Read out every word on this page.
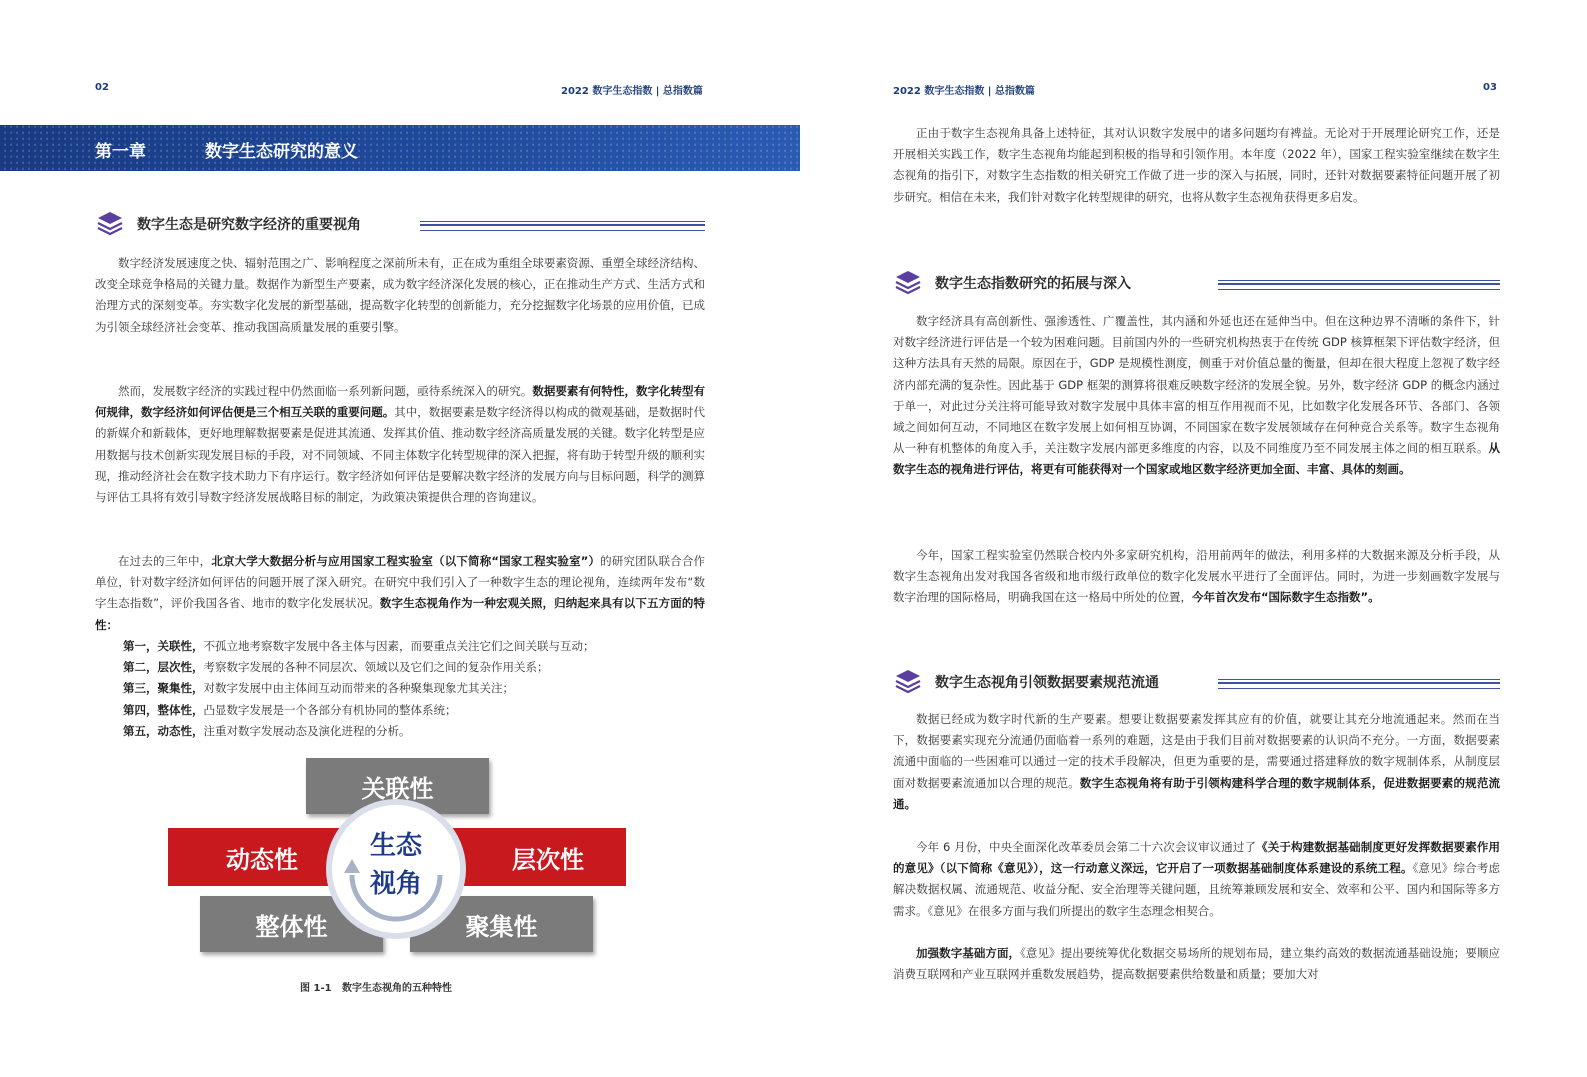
02	2022 数字生态指数 | 总指数篇
第一章	数字生态研究的意义
数字生态是研究数字经济的重要视角

数字经济发展速度之快、辐射范围之广、影响程度之深前所未有，正在成为重组全球要素资源、重塑全球经济结构、改变全球竞争格局的关键力量。数据作为新型生产要素，成为数字经济深化发展的核心，正在推动生产方式、生活方式和治理方式的深刻变革。夯实数字化发展的新型基础，提高数字化转型的创新能力，充分挖掘数字化场景的应用价值，已成为引领全球经济社会变革、推动我国高质量发展的重要引擎。

然而，发展数字经济的实践过程中仍然面临一系列新问题，亟待系统深入的研究。数据要素有何特性，数字化转型有何规律，数字经济如何评估便是三个相互关联的重要问题。其中，数据要素是数字经济得以构成的微观基础，是数据时代的新媒介和新载体，更好地理解数据要素是促进其流通、发挥其价值、推动数字经济高质量发展的关键。数字化转型是应用数据与技术创新实现发展目标的手段，对不同领域、不同主体数字化转型规律的深入把握，将有助于转型升级的顺利实现，推动经济社会在数字技术助力下有序运行。数字经济如何评估是要解决数字经济的发展方向与目标问题，科学的测算与评估工具将有效引导数字经济发展战略目标的制定，为政策决策提供合理的咨询建议。

在过去的三年中，北京大学大数据分析与应用国家工程实验室（以下简称“国家工程实验室”）的研究团队联合合作单位，针对数字经济如何评估的问题开展了深入研究。在研究中我们引入了一种数字生态的理论视角，连续两年发布“数字生态指数”，评价我国各省、地市的数字化发展状况。数字生态视角作为一种宏观关照，归纳起来具有以下五方面的特性：

第一，关联性，不孤立地考察数字发展中各主体与因素，而要重点关注它们之间关联与互动；
第二，层次性，考察数字发展的各种不同层次、领域以及它们之间的复杂作用关系；
第三，聚集性，对数字发展中由主体间互动而带来的各种聚集现象尤其关注；
第四，整体性，凸显数字发展是一个各部分有机协同的整体系统；
第五，动态性，注重对数字发展动态及演化进程的分析。
关联性
动态性	层次性
整体性	聚集性
生态
视角
图 1-1 数字生态视角的五种特性
2022 数字生态指数 | 总指数篇	03

正由于数字生态视角具备上述特征，其对认识数字发展中的诸多问题均有裨益。无论对于开展理论研究工作，还是开展相关实践工作，数字生态视角均能起到积极的指导和引领作用。本年度（2022 年），国家工程实验室继续在数字生态视角的指引下，对数字生态指数的相关研究工作做了进一步的深入与拓展，同时，还针对数据要素特征问题开展了初步研究。相信在未来，我们针对数字化转型规律的研究，也将从数字生态视角获得更多启发。

数字生态指数研究的拓展与深入

数字经济具有高创新性、强渗透性、广覆盖性，其内涵和外延也还在延伸当中。但在这种边界不清晰的条件下，针对数字经济进行评估是一个较为困难问题。目前国内外的一些研究机构热衷于在传统 GDP 核算框架下评估数字经济，但这种方法具有天然的局限。原因在于，GDP 是规模性测度，侧重于对价值总量的衡量，但却在很大程度上忽视了数字经济内部充满的复杂性。因此基于 GDP 框架的测算将很难反映数字经济的发展全貌。另外，数字经济 GDP 的概念内涵过于单一，对此过分关注将可能导致对数字发展中具体丰富的相互作用视而不见，比如数字化发展各环节、各部门、各领域之间如何互动，不同地区在数字发展上如何相互协调，不同国家在数字发展领域存在何种竞合关系等。数字生态视角从一种有机整体的角度入手，关注数字发展内部更多维度的内容，以及不同维度乃至不同发展主体之间的相互联系。从数字生态的视角进行评估，将更有可能获得对一个国家或地区数字经济更加全面、丰富、具体的刻画。

今年，国家工程实验室仍然联合校内外多家研究机构，沿用前两年的做法，利用多样的大数据来源及分析手段，从数字生态视角出发对我国各省级和地市级行政单位的数字化发展水平进行了全面评估。同时，为进一步刻画数字发展与数字治理的国际格局，明确我国在这一格局中所处的位置，今年首次发布“国际数字生态指数”。

数字生态视角引领数据要素规范流通

数据已经成为数字时代新的生产要素。想要让数据要素发挥其应有的价值，就要让其充分地流通起来。然而在当下，数据要素实现充分流通仍面临着一系列的难题，这是由于我们目前对数据要素的认识尚不充分。一方面，数据要素流通中面临的一些困难可以通过一定的技术手段解决，但更为重要的是，需要通过搭建释放的数字规制体系，从制度层面对数据要素流通加以合理的规范。数字生态视角将有助于引领构建科学合理的数字规制体系，促进数据要素的规范流通。

今年 6 月份，中央全面深化改革委员会第二十六次会议审议通过了《关于构建数据基础制度更好发挥数据要素作用的意见》（以下简称《意见》），这一行动意义深远，它开启了一项数据基础制度体系建设的系统工程。《意见》综合考虑解决数据权属、流通规范、收益分配、安全治理等关键问题，且统筹兼顾发展和安全、效率和公平、国内和国际等多方需求。《意见》在很多方面与我们所提出的数字生态理念相契合。

加强数字基础方面，《意见》提出要统筹优化数据交易场所的规划布局，建立集约高效的数据流通基础设施；要顺应消费互联网和产业互联网并重数发展趋势，提高数据要素供给数量和质量；要加大对
